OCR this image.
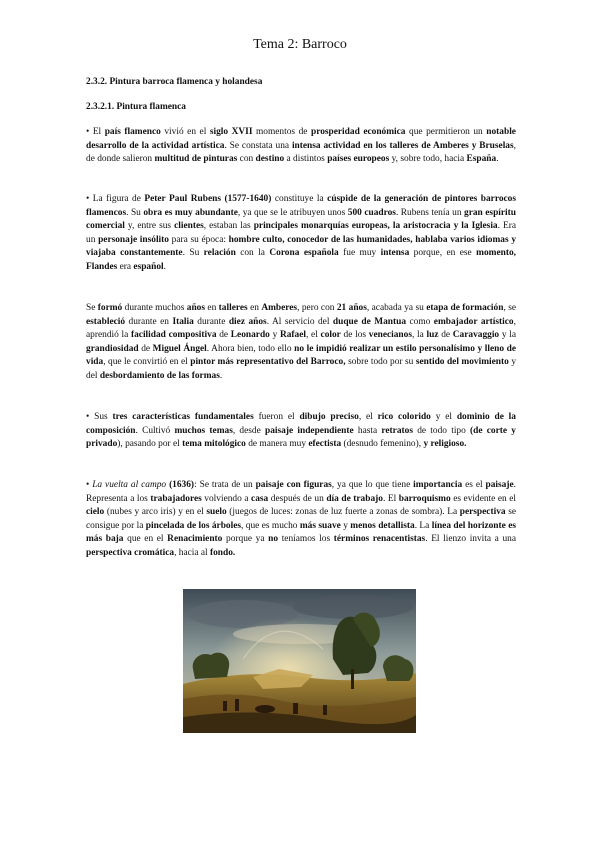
Tema 2: Barroco
2.3.2. Pintura barroca flamenca y holandesa
2.3.2.1. Pintura flamenca

• El país flamenco vivió en el siglo XVII momentos de prosperidad económica que permitieron un notable desarrollo de la actividad artística. Se constata una intensa actividad en los talleres de Amberes y Bruselas, de donde salieron multitud de pinturas con destino a distintos países europeos y, sobre todo, hacia España.

• La figura de Peter Paul Rubens (1577-1640) constituye la cúspide de la generación de pintores barrocos flamencos. Su obra es muy abundante, ya que se le atribuyen unos 500 cuadros. Rubens tenía un gran espíritu comercial y, entre sus clientes, estaban las principales monarquías europeas, la aristocracia y la Iglesia. Era un personaje insólito para su época: hombre culto, conocedor de las humanidades, hablaba varios idiomas y viajaba constantemente. Su relación con la Corona española fue muy intensa porque, en ese momento, Flandes era español.

Se formó durante muchos años en talleres en Amberes, pero con 21 años, acabada ya su etapa de formación, se estableció durante en Italia durante diez años. Al servicio del duque de Mantua como embajador artístico, aprendió la facilidad compositiva de Leonardo y Rafael, el color de los venecianos, la luz de Caravaggio y la grandiosidad de Miguel Ángel. Ahora bien, todo ello no le impidió realizar un estilo personalísimo y lleno de vida, que le convirtió en el pintor más representativo del Barroco, sobre todo por su sentido del movimiento y del desbordamiento de las formas.

• Sus tres características fundamentales fueron el dibujo preciso, el rico colorido y el dominio de la composición. Cultivó muchos temas, desde paisaje independiente hasta retratos de todo tipo (de corte y privado), pasando por el tema mitológico de manera muy efectista (desnudo femenino), y religioso.

• La vuelta al campo (1636): Se trata de un paisaje con figuras, ya que lo que tiene importancia es el paisaje. Representa a los trabajadores volviendo a casa después de un día de trabajo. El barroquismo es evidente en el cielo (nubes y arco iris) y en el suelo (juegos de luces: zonas de luz fuerte a zonas de sombra). La perspectiva se consigue por la pincelada de los árboles, que es mucho más suave y menos detallista. La línea del horizonte es más baja que en el Renacimiento porque ya no teníamos los términos renacentistas. El lienzo invita a una perspectiva cromática, hacia al fondo.
